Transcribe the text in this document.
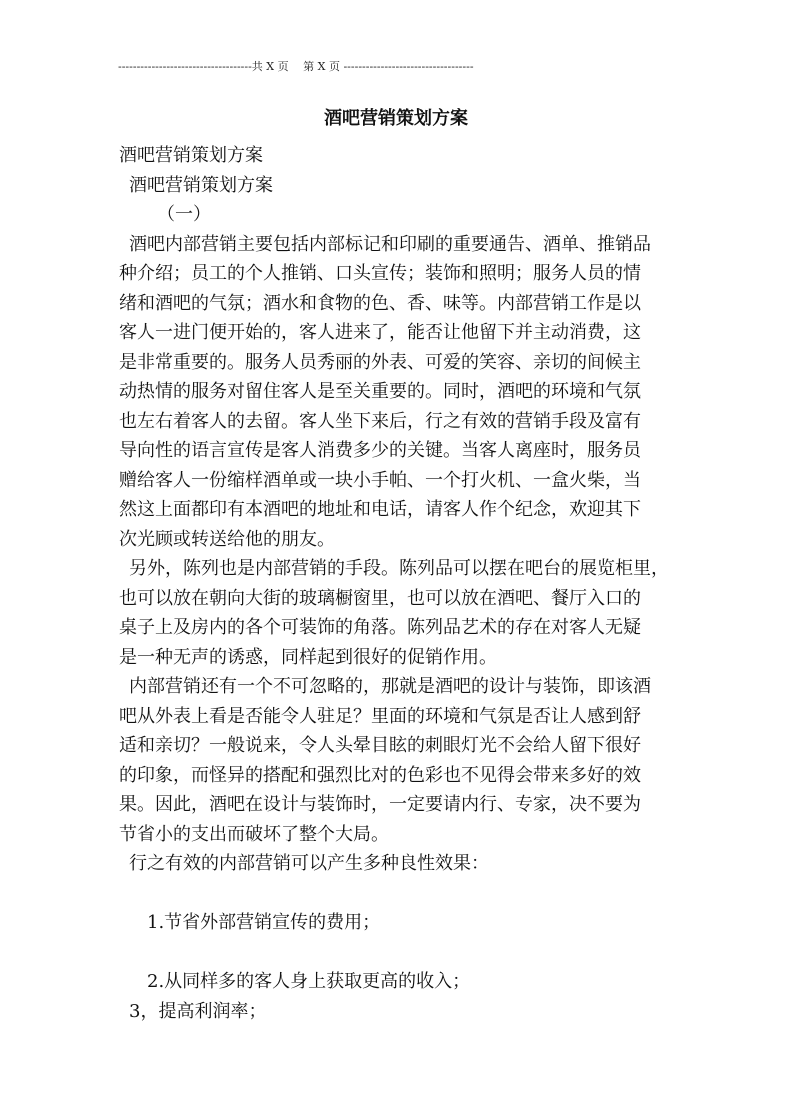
------------------------------------共 X 页　 第 X 页 -----------------------------------
酒吧营销策划方案
酒吧营销策划方案
酒吧营销策划方案
（一）
酒吧内部营销主要包括内部标记和印刷的重要通告、酒单、推销品
种介绍；员工的个人推销、口头宣传；装饰和照明；服务人员的情
绪和酒吧的气氛；酒水和食物的色、香、味等。内部营销工作是以
客人一进门便开始的，客人进来了，能否让他留下并主动消费，这
是非常重要的。服务人员秀丽的外表、可爱的笑容、亲切的间候主
动热情的服务对留住客人是至关重要的。同时，酒吧的环境和气氛
也左右着客人的去留。客人坐下来后，行之有效的营销手段及富有
导向性的语言宣传是客人消费多少的关键。当客人离座时，服务员
赠给客人一份缩样酒单或一块小手帕、一个打火机、一盒火柴，当
然这上面都印有本酒吧的地址和电话，请客人作个纪念，欢迎其下
次光顾或转送给他的朋友。
另外，陈列也是内部营销的手段。陈列品可以摆在吧台的展览柜里，
也可以放在朝向大街的玻璃橱窗里，也可以放在酒吧、餐厅入口的
桌子上及房内的各个可装饰的角落。陈列品艺术的存在对客人无疑
是一种无声的诱惑，同样起到很好的促销作用。
内部营销还有一个不可忽略的，那就是酒吧的设计与装饰，即该酒
吧从外表上看是否能令人驻足？里面的环境和气氛是否让人感到舒
适和亲切？一般说来，令人头晕目眩的刺眼灯光不会给人留下很好
的印象，而怪异的搭配和强烈比对的色彩也不见得会带来多好的效
果。因此，酒吧在设计与装饰时，一定要请内行、专家，决不要为
节省小的支出而破坏了整个大局。
行之有效的内部营销可以产生多种良性效果：
1.节省外部营销宣传的费用；
2.从同样多的客人身上获取更高的收入；
3，提高利润率；
